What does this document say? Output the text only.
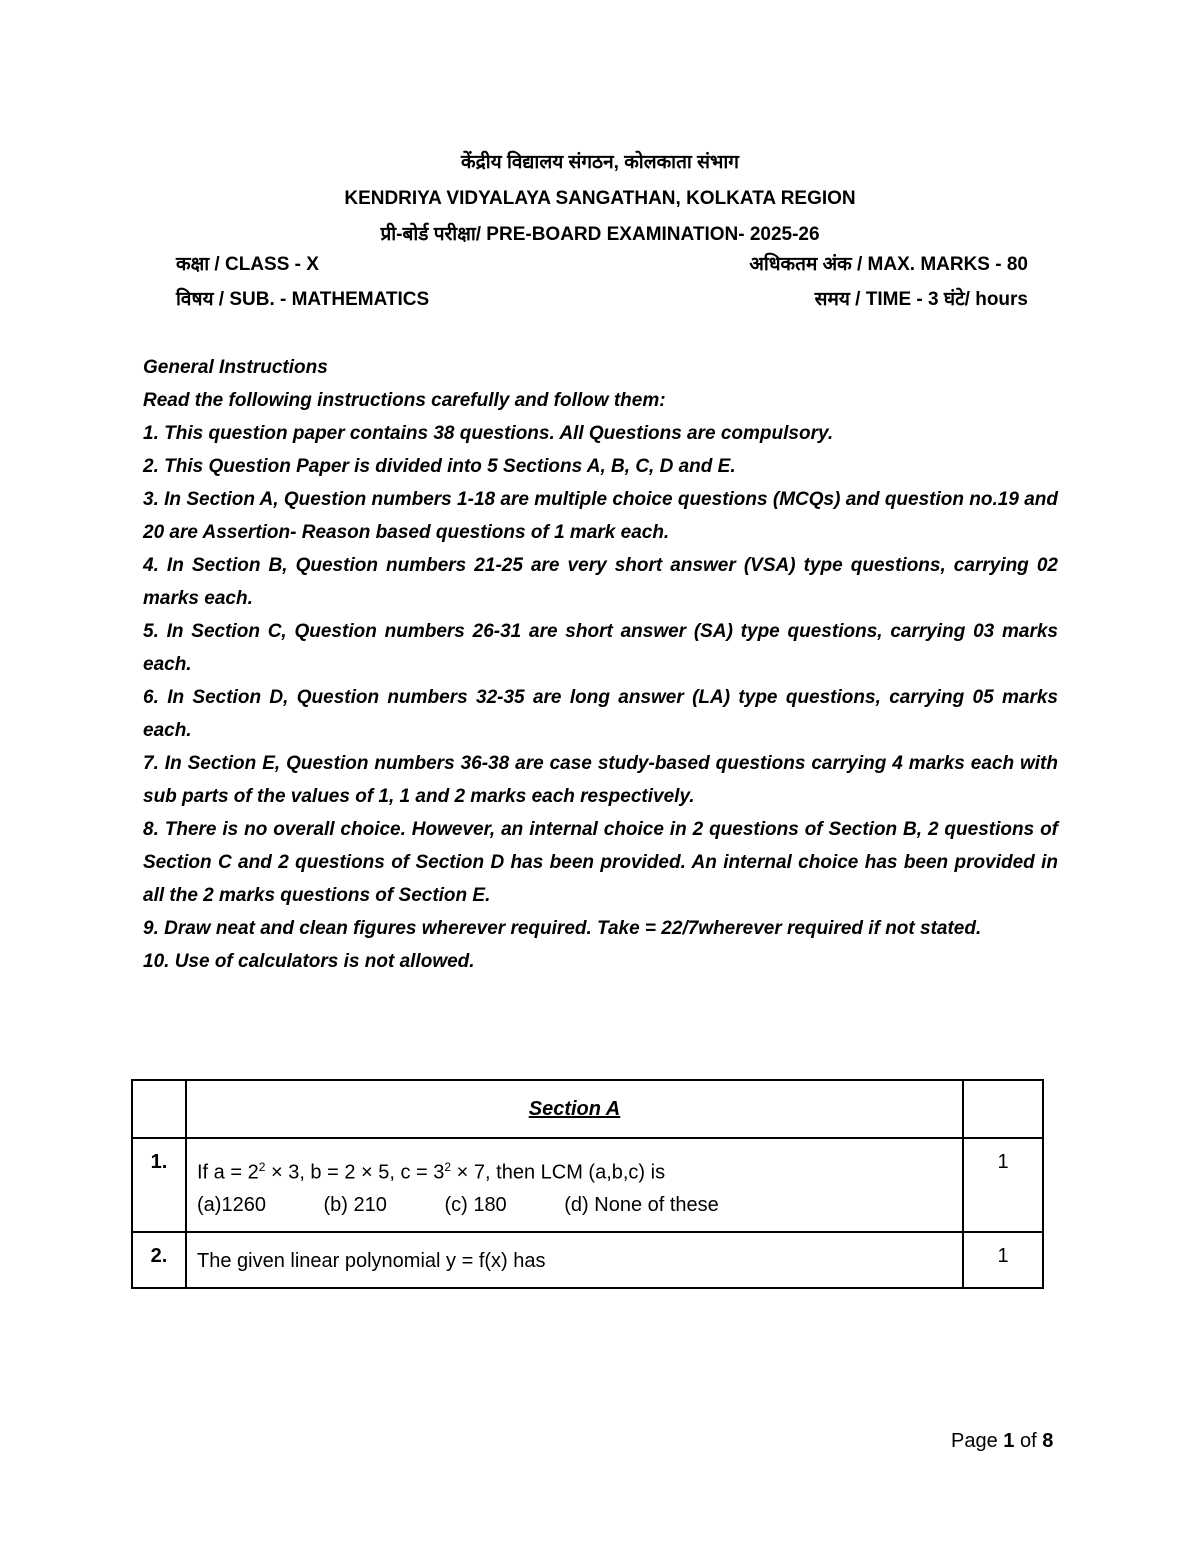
केंद्रीय विद्यालय संगठन, कोलकाता संभाग
KENDRIYA VIDYALAYA SANGATHAN, KOLKATA REGION
प्री-बोर्ड परीक्षा/ PRE-BOARD EXAMINATION- 2025-26
कक्षा / CLASS - X	अधिकतम अंक / MAX. MARKS - 80
विषय / SUB. - MATHEMATICS	समय / TIME - 3 घंटे/ hours

General Instructions

Read the following instructions carefully and follow them:

1. This question paper contains 38 questions. All Questions are compulsory.

2. This Question Paper is divided into 5 Sections A, B, C, D and E.

3. In Section A, Question numbers 1-18 are multiple choice questions (MCQs) and question no.19 and 20 are Assertion- Reason based questions of 1 mark each.

4. In Section B, Question numbers 21-25 are very short answer (VSA) type questions, carrying 02 marks each.

5. In Section C, Question numbers 26-31 are short answer (SA) type questions, carrying 03 marks each.

6. In Section D, Question numbers 32-35 are long answer (LA) type questions, carrying 05 marks each.

7. In Section E, Question numbers 36-38 are case study-based questions carrying 4 marks each with sub parts of the values of 1, 1 and 2 marks each respectively.

8. There is no overall choice. However, an internal choice in 2 questions of Section B, 2 questions of Section C and 2 questions of Section D has been provided. An internal choice has been provided in all the 2 marks questions of Section E.

9. Draw neat and clean figures wherever required. Take = 22/7wherever required if not stated.

10. Use of calculators is not allowed.

	Section A	
1.	If $a = 2^2 \times 3$, b = 2 × 5, $c = 3^2 \times 7$, then LCM (a,b,c) is
(a)1260 (b) 210 (c) 180 (d) None of these	1
2.	The given linear polynomial y = f(x) has	1
Page 1 of 8
